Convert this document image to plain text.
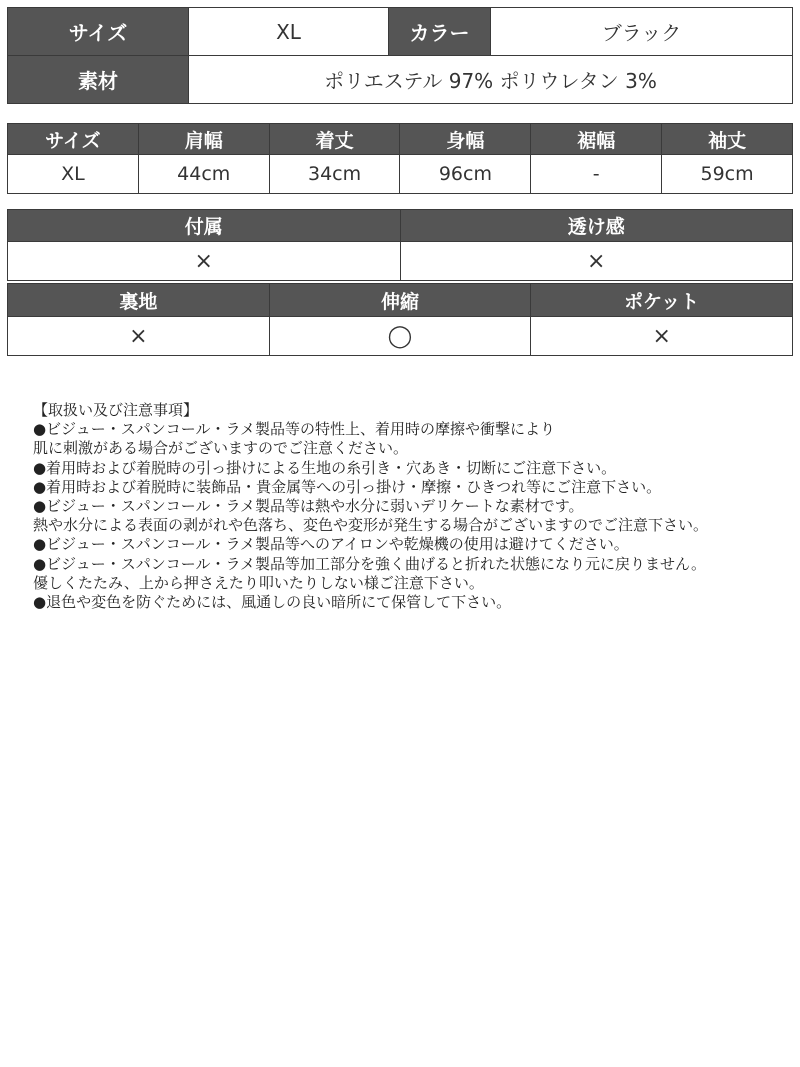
サイズ	XL	カラー	ブラック
素材	ポリエステル 97% ポリウレタン 3%		
サイズ	肩幅	着丈	身幅	裾幅	袖丈
XL	44cm	34cm	96cm	-	59cm
付属	透け感
×	×
裏地	伸縮	ポケット
×	◯	×
【取扱い及び注意事項】
●ビジュー・スパンコール・ラメ製品等の特性上、着用時の摩擦や衝撃により
肌に刺激がある場合がございますのでご注意ください。
●着用時および着脱時の引っ掛けによる生地の糸引き・穴あき・切断にご注意下さい。
●着用時および着脱時に装飾品・貴金属等への引っ掛け・摩擦・ひきつれ等にご注意下さい。
●ビジュー・スパンコール・ラメ製品等は熱や水分に弱いデリケートな素材です。
熱や水分による表面の剥がれや色落ち、変色や変形が発生する場合がございますのでご注意下さい。
●ビジュー・スパンコール・ラメ製品等へのアイロンや乾燥機の使用は避けてください。
●ビジュー・スパンコール・ラメ製品等加工部分を強く曲げると折れた状態になり元に戻りません。
優しくたたみ、上から押さえたり叩いたりしない様ご注意下さい。
●退色や変色を防ぐためには、風通しの良い暗所にて保管して下さい。
